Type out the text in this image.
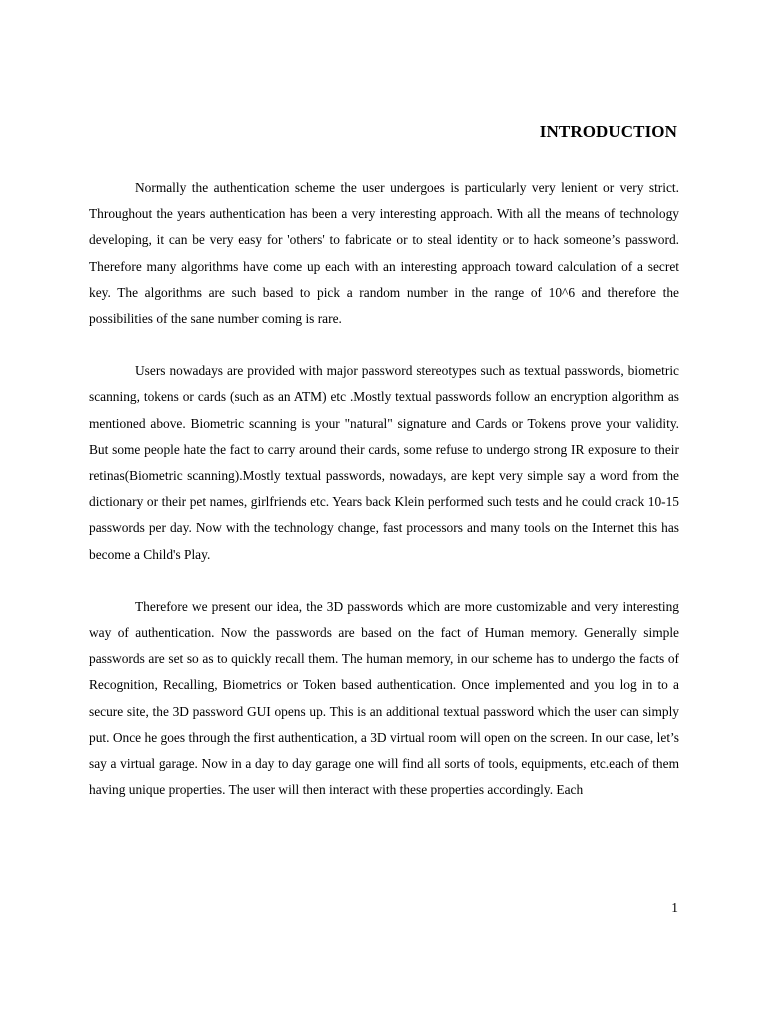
INTRODUCTION

Normally the authentication scheme the user undergoes is particularly very lenient or very strict. Throughout the years authentication has been a very interesting approach. With all the means of technology developing, it can be very easy for 'others' to fabricate or to steal identity or to hack someone’s password. Therefore many algorithms have come up each with an interesting approach toward calculation of a secret key. The algorithms are such based to pick a random number in the range of 10^6 and therefore the possibilities of the sane number coming is rare.

Users nowadays are provided with major password stereotypes such as textual passwords, biometric scanning, tokens or cards (such as an ATM) etc .Mostly textual passwords follow an encryption algorithm as mentioned above. Biometric scanning is your "natural" signature and Cards or Tokens prove your validity. But some people hate the fact to carry around their cards, some refuse to undergo strong IR exposure to their retinas(Biometric scanning).Mostly textual passwords, nowadays, are kept very simple say a word from the dictionary or their pet names, girlfriends etc. Years back Klein performed such tests and he could crack 10-15 passwords per day. Now with the technology change, fast processors and many tools on the Internet this has become a Child's Play.

Therefore we present our idea, the 3D passwords which are more customizable and very interesting way of authentication. Now the passwords are based on the fact of Human memory. Generally simple passwords are set so as to quickly recall them. The human memory, in our scheme has to undergo the facts of Recognition, Recalling, Biometrics or Token based authentication. Once implemented and you log in to a secure site, the 3D password GUI opens up. This is an additional textual password which the user can simply put. Once he goes through the first authentication, a 3D virtual room will open on the screen. In our case, let’s say a virtual garage. Now in a day to day garage one will find all sorts of tools, equipments, etc.each of them having unique properties. The user will then interact with these properties accordingly. Each

1
